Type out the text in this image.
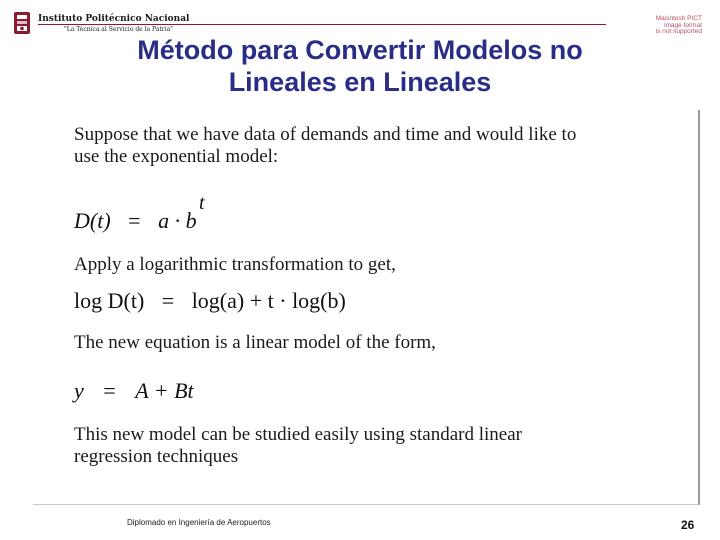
Instituto Politécnico Nacional
"La Técnica al Servicio de la Patria"
Macintosh PICT
image format
is not supported
Método para Convertir Modelos no
Lineales en Lineales
Suppose that we have data of demands and time and would like to
use the exponential model:
D(t) = a · b
t
Apply a logarithmic transformation to get,
log D(t) = log(a) + t · log(b)
The new equation is a linear model of the form,
y = A + Bt
This new model can be studied easily using standard linear
regression techniques
Diplomado en Ingeniería de Aeropuertos	26
